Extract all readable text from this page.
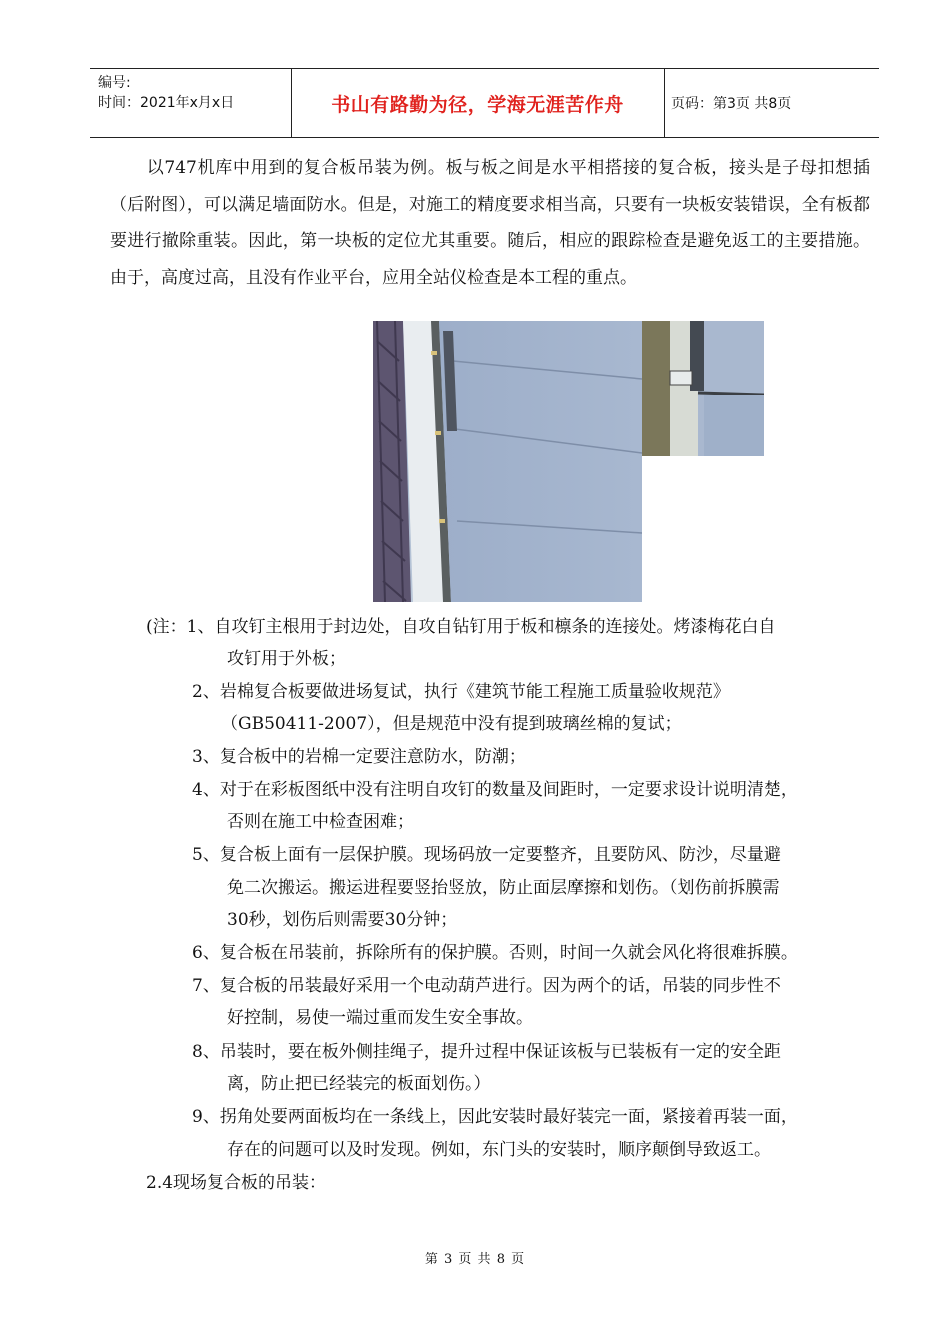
编号:
时间：2021年x月x日	书山有路勤为径，学海无涯苦作舟	页码：第3页 共8页

以747机库中用到的复合板吊装为例。板与板之间是水平相搭接的复合板，接头是子母扣想插（后附图），可以满足墙面防水。但是，对施工的精度要求相当高，只要有一块板安装错误，全有板都要进行撤除重装。因此，第一块板的定位尤其重要。随后，相应的跟踪检查是避免返工的主要措施。由于，高度过高，且没有作业平台，应用全站仪检查是本工程的重点。

(注：1、自攻钉主根用于封边处，自攻自钻钉用于板和檩条的连接处。烤漆梅花白自

攻钉用于外板；

2、岩棉复合板要做进场复试，执行《建筑节能工程施工质量验收规范》

（GB50411-2007），但是规范中没有提到玻璃丝棉的复试；

3、复合板中的岩棉一定要注意防水，防潮；

4、对于在彩板图纸中没有注明自攻钉的数量及间距时，一定要求设计说明清楚，

否则在施工中检查困难；

5、复合板上面有一层保护膜。现场码放一定要整齐，且要防风、防沙，尽量避

免二次搬运。搬运进程要竖抬竖放，防止面层摩擦和划伤。（划伤前拆膜需

30秒，划伤后则需要30分钟；

6、复合板在吊装前，拆除所有的保护膜。否则，时间一久就会风化将很难拆膜。

7、复合板的吊装最好采用一个电动葫芦进行。因为两个的话，吊装的同步性不

好控制，易使一端过重而发生安全事故。

8、吊装时，要在板外侧挂绳子，提升过程中保证该板与已装板有一定的安全距

离，防止把已经装完的板面划伤。）

9、拐角处要两面板均在一条线上，因此安装时最好装完一面，紧接着再装一面，

存在的问题可以及时发现。例如，东门头的安装时，顺序颠倒导致返工。

2.4现场复合板的吊装：

第 3 页 共 8 页
